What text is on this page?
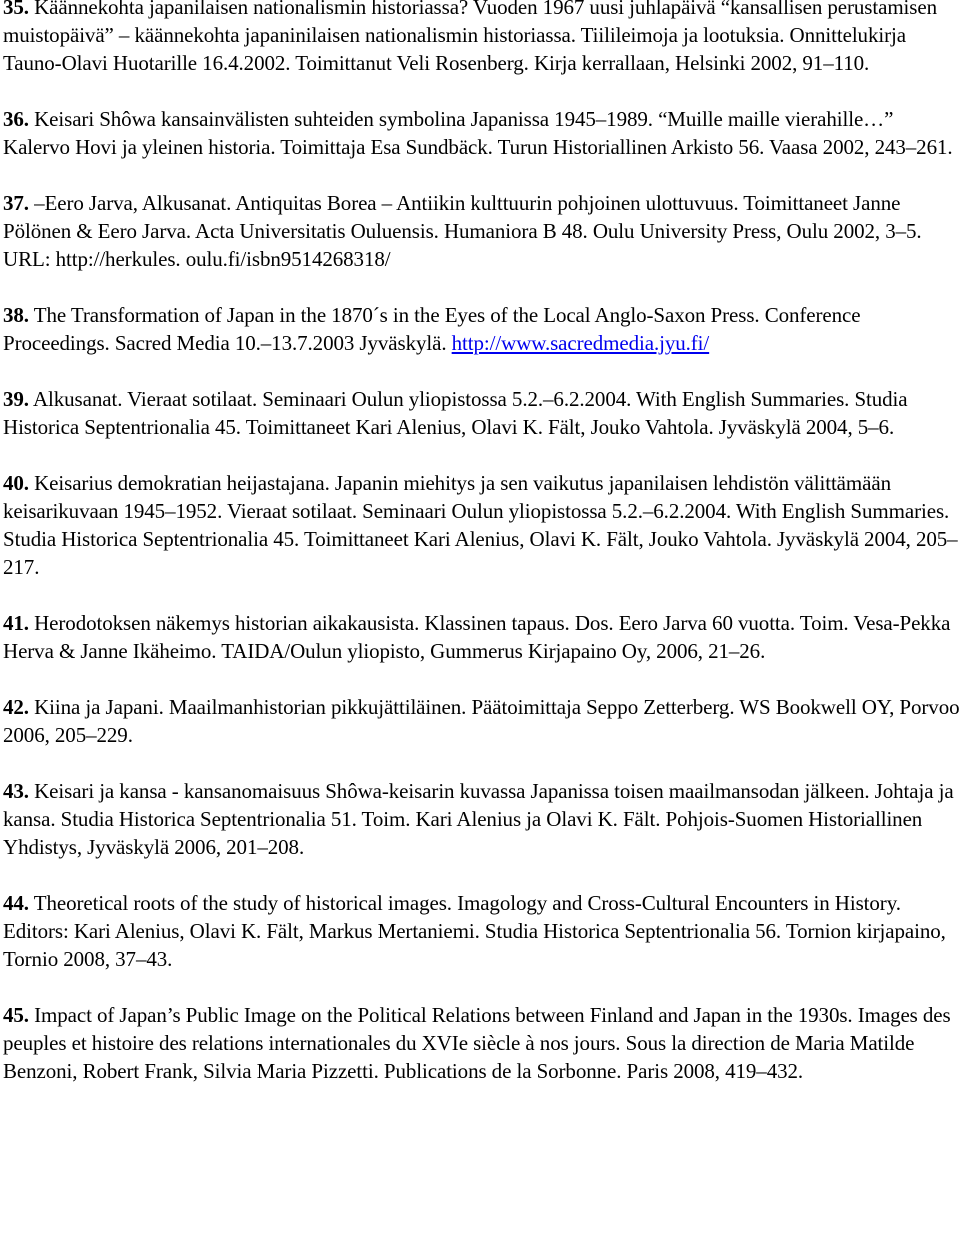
35. Käännekohta japanilaisen nationalismin historiassa? Vuoden 1967 uusi juhlapäivä “kansallisen perustamisen muistopäivä” – käännekohta japaninilaisen nationalismin historiassa. Tiilileimoja ja lootuksia. Onnittelukirja Tauno-Olavi Huotarille 16.4.2002. Toimittanut Veli Rosenberg. Kirja kerrallaan, Helsinki 2002, 91–110.
36. Keisari Shôwa kansainvälisten suhteiden symbolina Japanissa 1945–1989. “Muille maille vierahille…” Kalervo Hovi ja yleinen historia. Toimittaja Esa Sundbäck. Turun Historiallinen Arkisto 56. Vaasa 2002, 243–261.
37. –Eero Jarva, Alkusanat. Antiquitas Borea – Antiikin kulttuurin pohjoinen ulottuvuus. Toimittaneet Janne Pölönen & Eero Jarva. Acta Universitatis Ouluensis. Humaniora B 48. Oulu University Press, Oulu 2002, 3–5. URL: http://herkules. oulu.fi/isbn9514268318/
38. The Transformation of Japan in the 1870´s in the Eyes of the Local Anglo-Saxon Press. Conference Proceedings. Sacred Media 10.–13.7.2003 Jyväskylä. http://www.sacredmedia.jyu.fi/
39. Alkusanat. Vieraat sotilaat. Seminaari Oulun yliopistossa 5.2.–6.2.2004. With English Summaries. Studia Historica Septentrionalia 45. Toimittaneet Kari Alenius, Olavi K. Fält, Jouko Vahtola. Jyväskylä 2004, 5–6.
40. Keisarius demokratian heijastajana. Japanin miehitys ja sen vaikutus japanilaisen lehdistön välittämään keisarikuvaan 1945–1952. Vieraat sotilaat. Seminaari Oulun yliopistossa 5.2.–6.2.2004. With English Summaries. Studia Historica Septentrionalia 45. Toimittaneet Kari Alenius, Olavi K. Fält, Jouko Vahtola. Jyväskylä 2004, 205–217.
41. Herodotoksen näkemys historian aikakausista. Klassinen tapaus. Dos. Eero Jarva 60 vuotta. Toim. Vesa-Pekka Herva & Janne Ikäheimo. TAIDA/Oulun yliopisto, Gummerus Kirjapaino Oy, 2006, 21–26.
42. Kiina ja Japani. Maailmanhistorian pikkujättiläinen. Päätoimittaja Seppo Zetterberg. WS Bookwell OY, Porvoo 2006, 205–229.
43. Keisari ja kansa - kansanomaisuus Shôwa-keisarin kuvassa Japanissa toisen maailmansodan jälkeen. Johtaja ja kansa. Studia Historica Septentrionalia 51. Toim. Kari Alenius ja Olavi K. Fält. Pohjois-Suomen Historiallinen Yhdistys, Jyväskylä 2006, 201–208.
44. Theoretical roots of the study of historical images. Imagology and Cross-Cultural Encounters in History. Editors: Kari Alenius, Olavi K. Fält, Markus Mertaniemi. Studia Historica Septentrionalia 56. Tornion kirjapaino, Tornio 2008, 37–43.
45. Impact of Japan’s Public Image on the Political Relations between Finland and Japan in the 1930s. Images des peuples et histoire des relations internationales du XVIe siècle à nos jours. Sous la direction de Maria Matilde Benzoni, Robert Frank, Silvia Maria Pizzetti. Publications de la Sorbonne. Paris 2008, 419–432.
